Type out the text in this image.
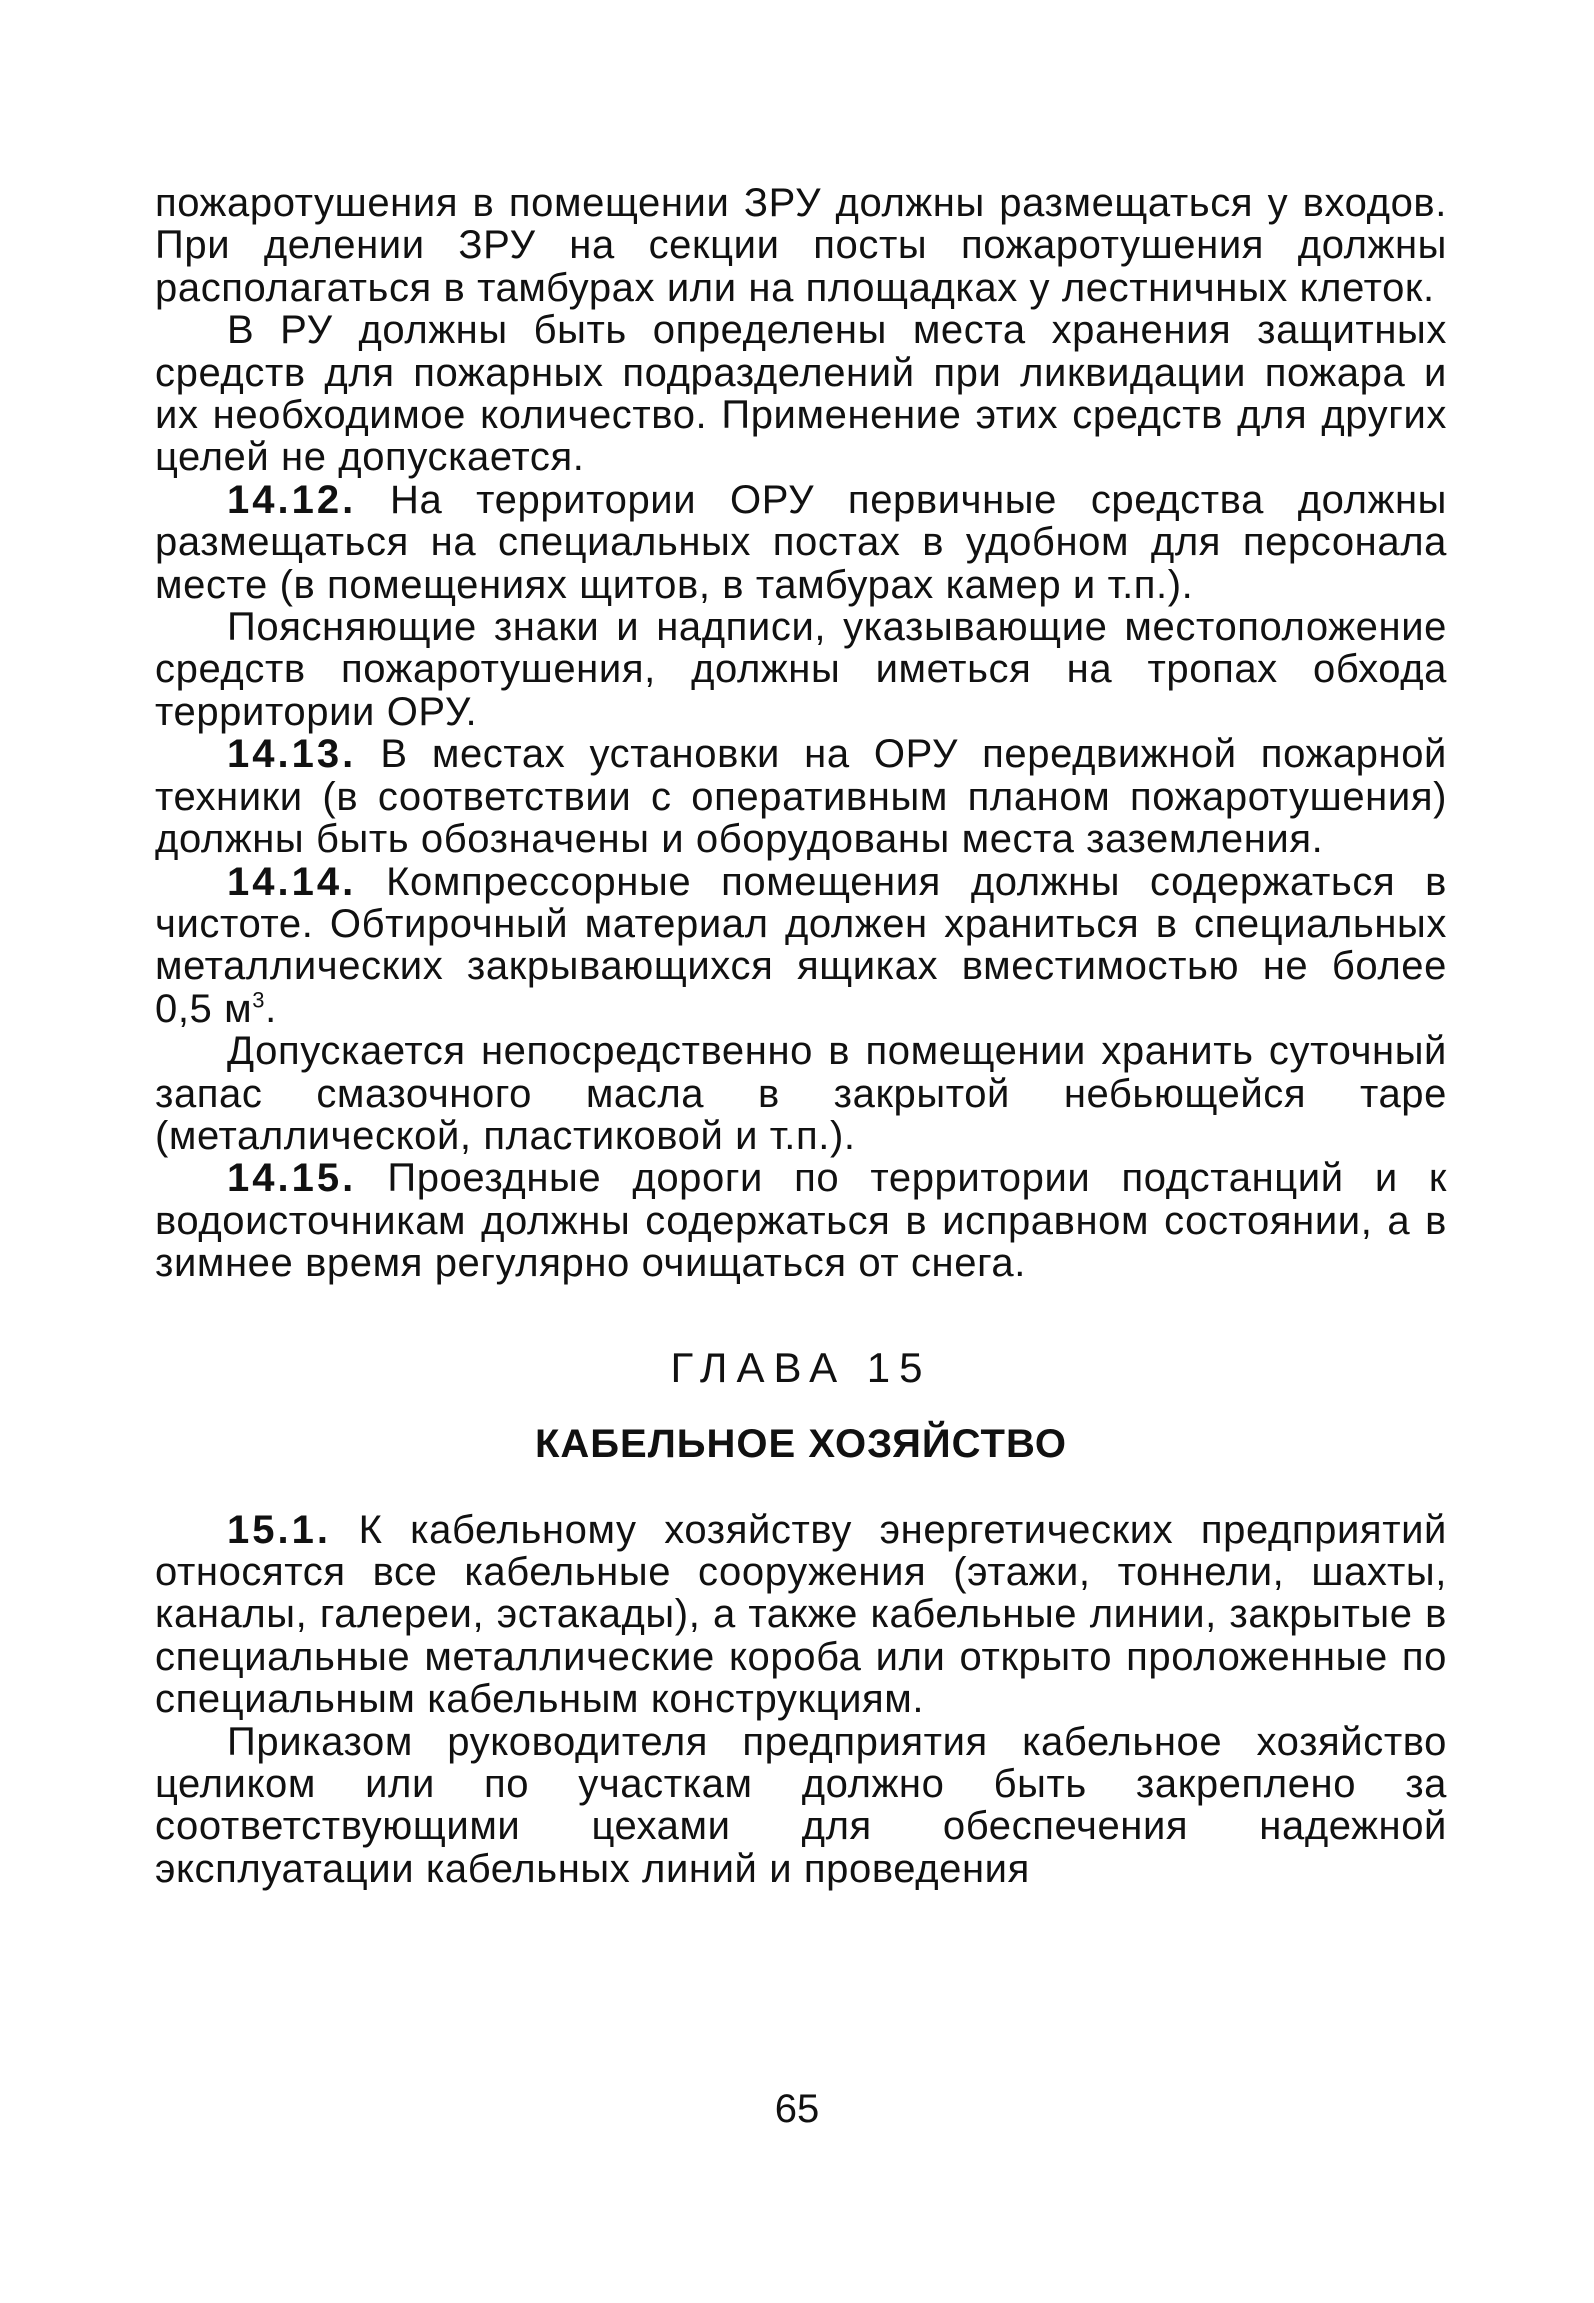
пожаротушения в помещении ЗРУ должны размещаться у входов. При делении ЗРУ на секции посты пожаротушения должны располагаться в тамбурах или на площадках у лестничных клеток.

В РУ должны быть определены места хранения защитных средств для пожарных подразделений при ликвидации пожара и их необходимое количество. Применение этих средств для других целей не допускается.

14.12. На территории ОРУ первичные средства должны размещаться на специальных постах в удобном для персонала месте (в помещениях щитов, в тамбурах камер и т.п.).

Поясняющие знаки и надписи, указывающие местоположение средств пожаротушения, должны иметься на тропах обхода территории ОРУ.

14.13. В местах установки на ОРУ передвижной пожарной техники (в соответствии с оперативным планом пожаротушения) должны быть обозначены и оборудованы места заземления.

14.14. Компрессорные помещения должны содержаться в чистоте. Обтирочный материал должен храниться в специальных металлических закрывающихся ящиках вместимостью не более 0,5 $м^3$.

Допускается непосредственно в помещении хранить суточный запас смазочного масла в закрытой небьющейся таре (металлической, пластиковой и т.п.).

14.15. Проездные дороги по территории подстанций и к водоисточникам должны содержаться в исправном состоянии, а в зимнее время регулярно очищаться от снега.

ГЛАВА 15
КАБЕЛЬНОЕ ХОЗЯЙСТВО

15.1. К кабельному хозяйству энергетических предприятий относятся все кабельные сооружения (этажи, тоннели, шахты, каналы, галереи, эстакады), а также кабельные линии, закрытые в специальные металлические короба или открыто проложенные по специальным кабельным конструкциям.

Приказом руководителя предприятия кабельное хозяйство целиком или по участкам должно быть закреплено за соответствующими цехами для обеспечения надежной эксплуатации кабельных линий и проведения

65
